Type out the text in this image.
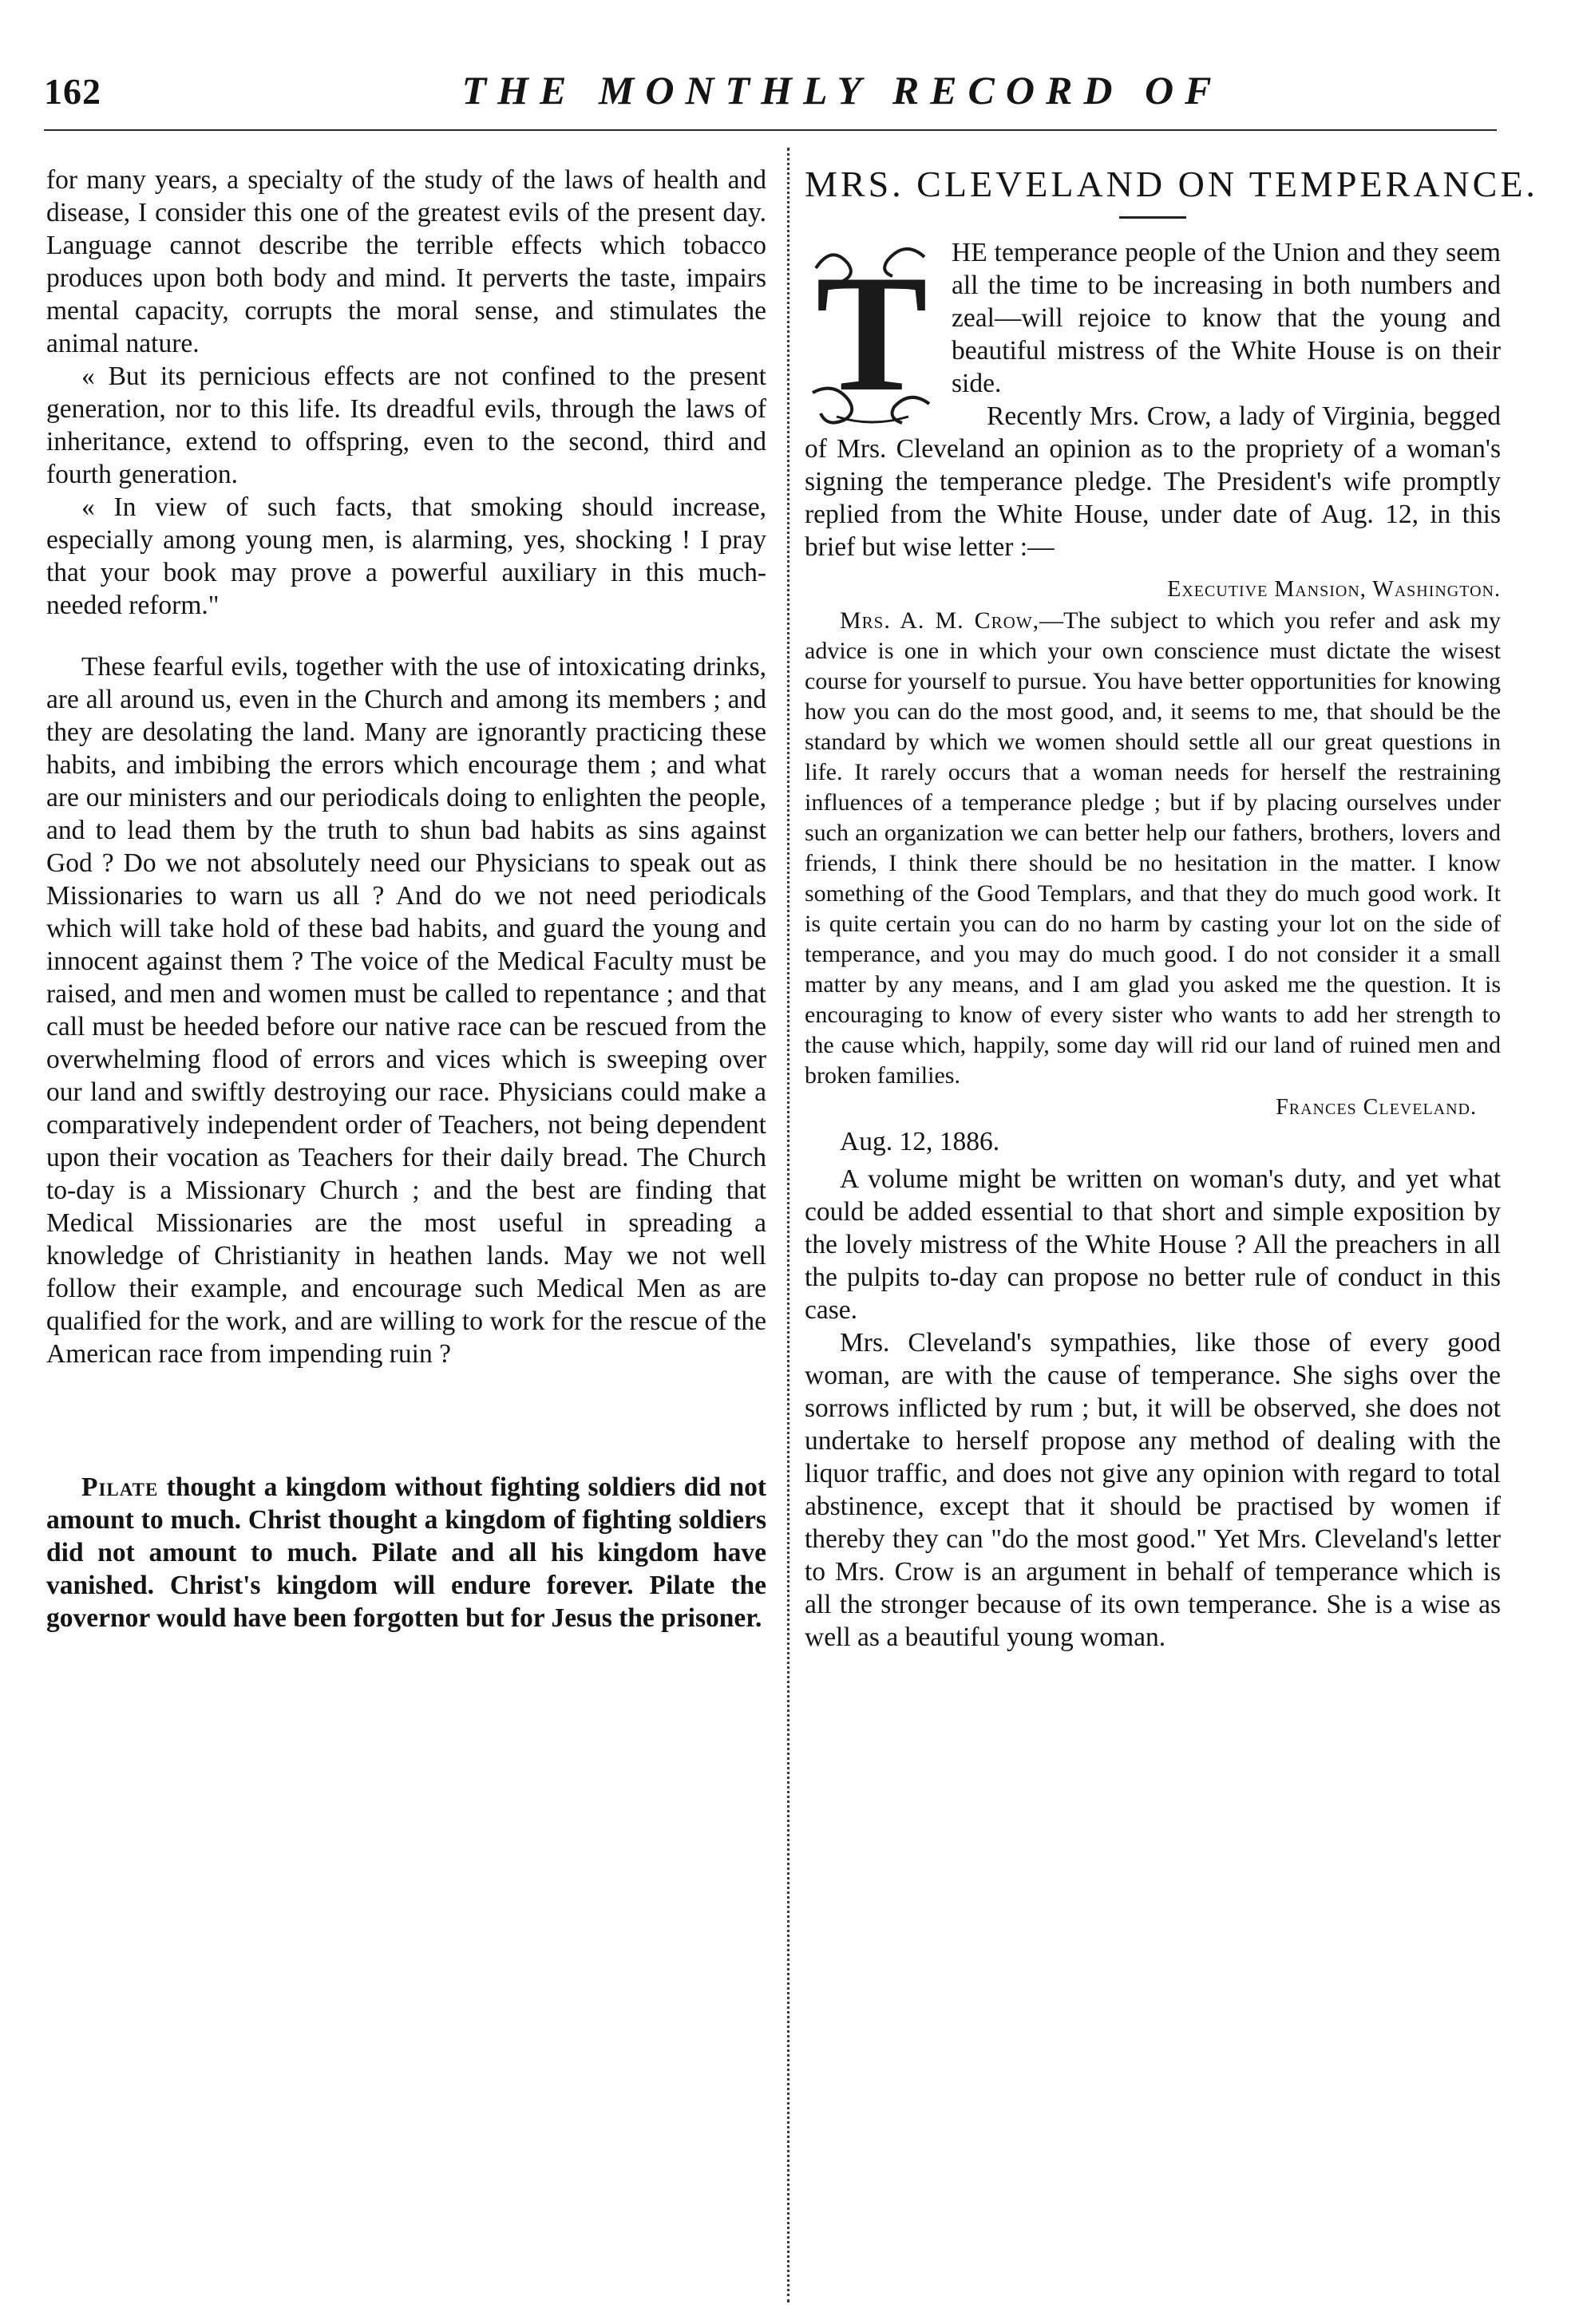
162	THE MONTHLY RECORD OF

for many years, a specialty of the study of the laws of health and disease, I consider this one of the greatest evils of the present day. Language cannot describe the terrible effects which tobacco produces upon both body and mind. It perverts the taste, impairs mental capacity, corrupts the moral sense, and stimulates the animal nature.

« But its pernicious effects are not confined to the present generation, nor to this life. Its dreadful evils, through the laws of inheritance, extend to offspring, even to the second, third and fourth generation.

« In view of such facts, that smoking should increase, especially among young men, is alarming, yes, shocking ! I pray that your book may prove a powerful auxiliary in this much-needed reform."

These fearful evils, together with the use of intoxicating drinks, are all around us, even in the Church and among its members ; and they are desolating the land. Many are ignorantly practicing these habits, and imbibing the errors which encourage them ; and what are our ministers and our periodicals doing to enlighten the people, and to lead them by the truth to shun bad habits as sins against God ? Do we not absolutely need our Physicians to speak out as Missionaries to warn us all ? And do we not need periodicals which will take hold of these bad habits, and guard the young and innocent against them ? The voice of the Medical Faculty must be raised, and men and women must be called to repentance ; and that call must be heeded before our native race can be rescued from the overwhelming flood of errors and vices which is sweeping over our land and swiftly destroying our race. Physicians could make a comparatively independent order of Teachers, not being dependent upon their vocation as Teachers for their daily bread. The Church to-day is a Missionary Church ; and the best are finding that Medical Missionaries are the most useful in spreading a knowledge of Christianity in heathen lands. May we not well follow their example, and encourage such Medical Men as are qualified for the work, and are willing to work for the rescue of the American race from impending ruin ?

Pilate thought a kingdom without fighting soldiers did not amount to much. Christ thought a kingdom of fighting soldiers did not amount to much. Pilate and all his kingdom have vanished. Christ's kingdom will endure forever. Pilate the governor would have been forgotten but for Jesus the prisoner.

MRS. CLEVELAND ON TEMPERANCE.

T HE temperance people of the Union and they seem all the time to be increasing in both numbers and zeal—will rejoice to know that the young and beautiful mistress of the White House is on their side.

Recently Mrs. Crow, a lady of Virginia, begged of Mrs. Cleveland an opinion as to the propriety of a woman's signing the temperance pledge. The President's wife promptly replied from the White House, under date of Aug. 12, in this brief but wise letter :—

Executive Mansion, Washington.

Mrs. A. M. Crow,—The subject to which you refer and ask my advice is one in which your own conscience must dictate the wisest course for yourself to pursue. You have better opportunities for knowing how you can do the most good, and, it seems to me, that should be the standard by which we women should settle all our great questions in life. It rarely occurs that a woman needs for herself the restraining influences of a temperance pledge ; but if by placing ourselves under such an organization we can better help our fathers, brothers, lovers and friends, I think there should be no hesitation in the matter. I know something of the Good Templars, and that they do much good work. It is quite certain you can do no harm by casting your lot on the side of temperance, and you may do much good. I do not consider it a small matter by any means, and I am glad you asked me the question. It is encouraging to know of every sister who wants to add her strength to the cause which, happily, some day will rid our land of ruined men and broken families.

Frances Cleveland.

Aug. 12, 1886.

A volume might be written on woman's duty, and yet what could be added essential to that short and simple exposition by the lovely mistress of the White House ? All the preachers in all the pulpits to-day can propose no better rule of conduct in this case.

Mrs. Cleveland's sympathies, like those of every good woman, are with the cause of temperance. She sighs over the sorrows inflicted by rum ; but, it will be observed, she does not undertake to herself propose any method of dealing with the liquor traffic, and does not give any opinion with regard to total abstinence, except that it should be practised by women if thereby they can "do the most good." Yet Mrs. Cleveland's letter to Mrs. Crow is an argument in behalf of temperance which is all the stronger because of its own temperance. She is a wise as well as a beautiful young woman.
